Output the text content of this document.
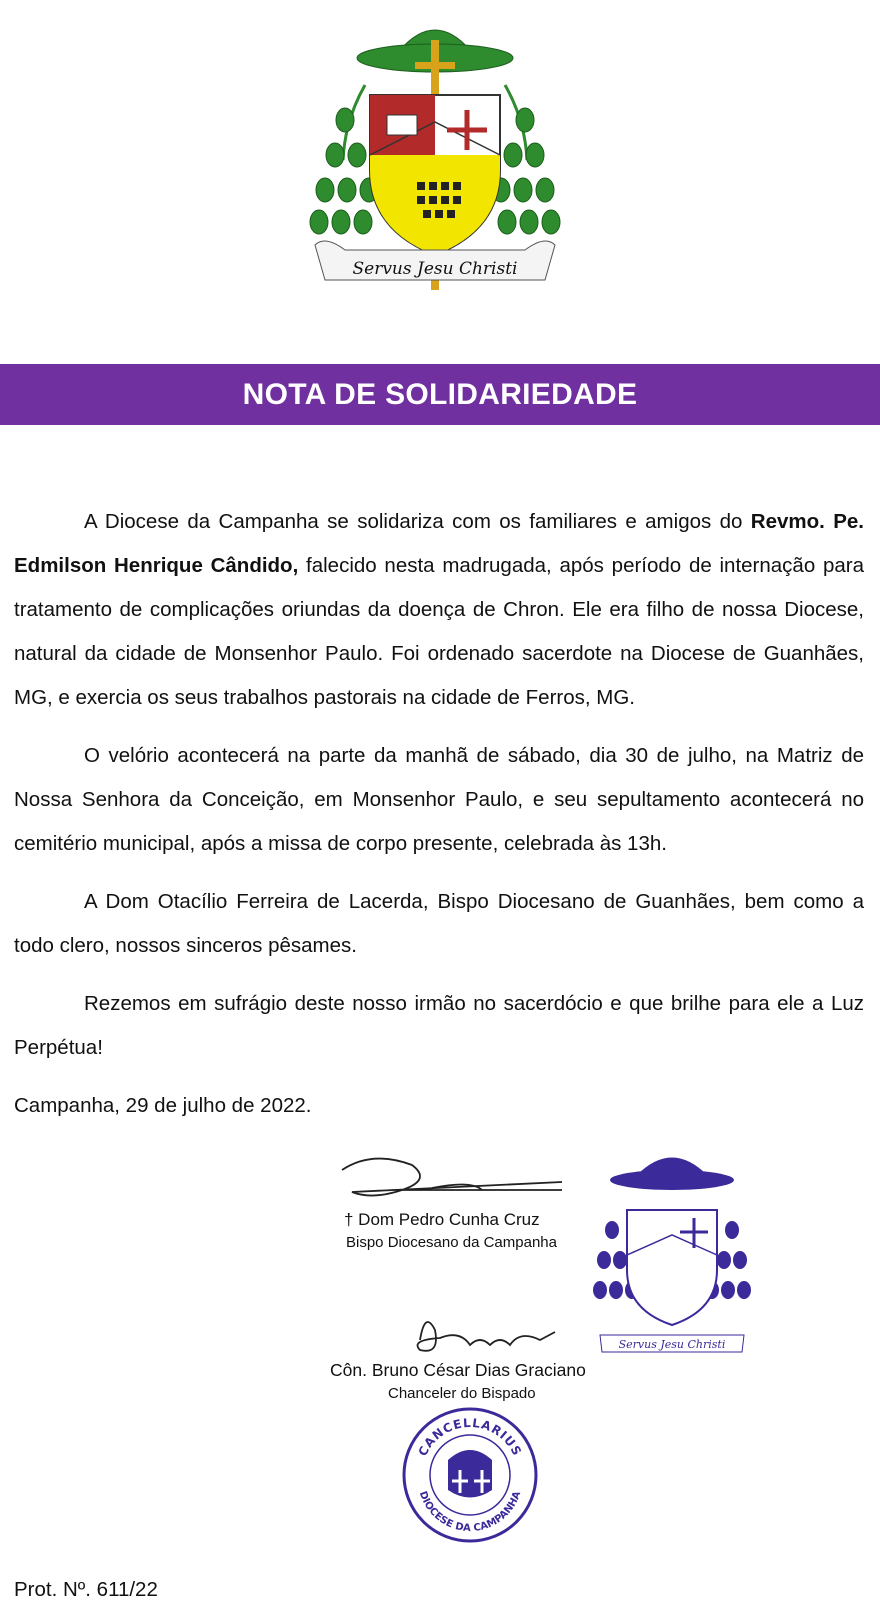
Servus Jesu Christi
NOTA DE SOLIDARIEDADE

A Diocese da Campanha se solidariza com os familiares e amigos do Revmo. Pe. Edmilson Henrique Cândido, falecido nesta madrugada, após período de internação para tratamento de complicações oriundas da doença de Chron. Ele era filho de nossa Diocese, natural da cidade de Monsenhor Paulo. Foi ordenado sacerdote na Diocese de Guanhães, MG, e exercia os seus trabalhos pastorais na cidade de Ferros, MG.

O velório acontecerá na parte da manhã de sábado, dia 30 de julho, na Matriz de Nossa Senhora da Conceição, em Monsenhor Paulo, e seu sepultamento acontecerá no cemitério municipal, após a missa de corpo presente, celebrada às 13h.

A Dom Otacílio Ferreira de Lacerda, Bispo Diocesano de Guanhães, bem como a todo clero, nossos sinceros pêsames.

Rezemos em sufrágio deste nosso irmão no sacerdócio e que brilhe para ele a Luz Perpétua!

Campanha, 29 de julho de 2022.

† Dom Pedro Cunha Cruz
Bispo Diocesano da Campanha
Servus Jesu Christi
Côn. Bruno César Dias Graciano
Chanceler do Bispado
CANCELLARIUS
DIOCESE DA CAMPANHA
Prot. Nº. 611/22
